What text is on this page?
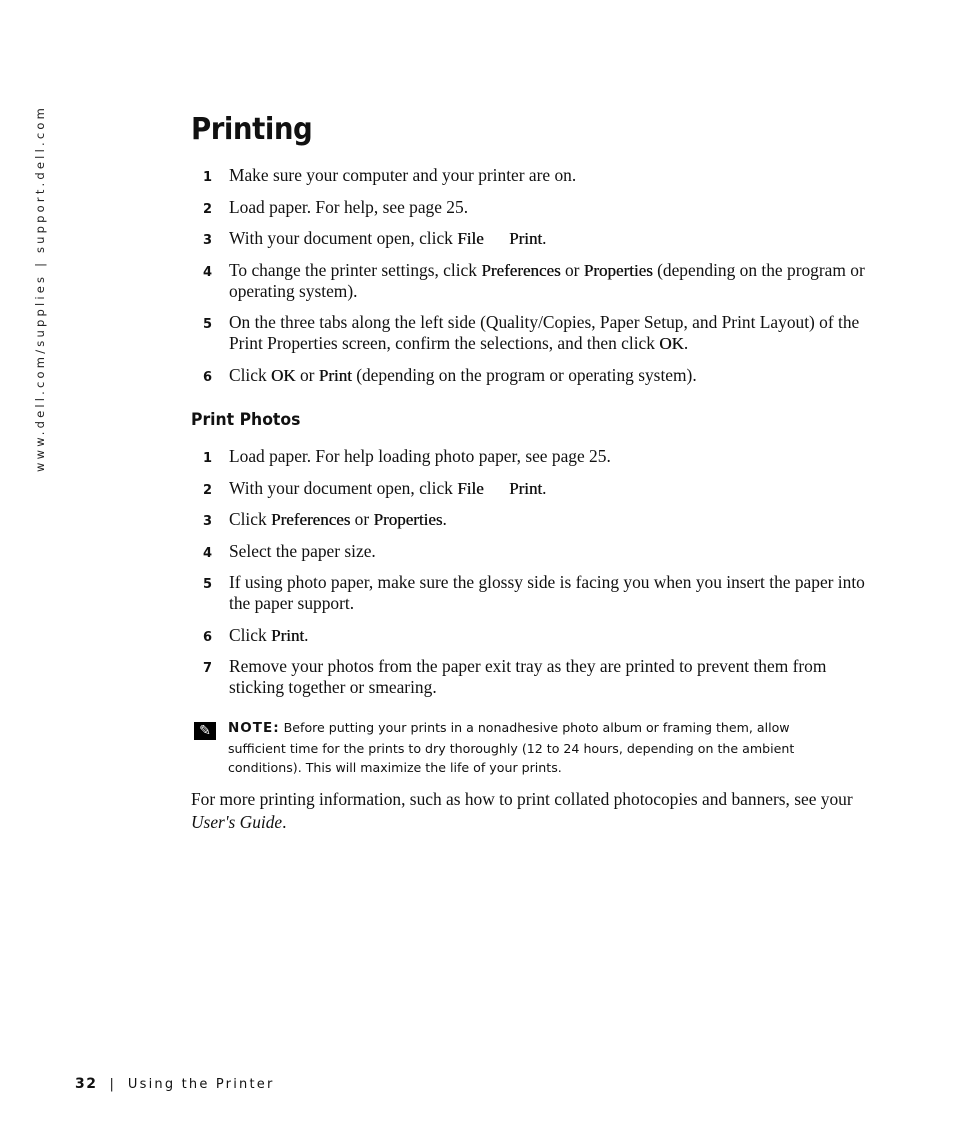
www.dell.com/supplies | support.dell.com	Printing
1 Make sure your computer and your printer are on.
2 Load paper. For help, see page 25.
3 With your document open, click File Print.
4 To change the printer settings, click Preferences or Properties (depending on the program or operating system).
5 On the three tabs along the left side (Quality/Copies, Paper Setup, and Print Layout) of the Print Properties screen, confirm the selections, and then click OK.
6 Click OK or Print (depending on the program or operating system).
Print Photos
1 Load paper. For help loading photo paper, see page 25.
2 With your document open, click File Print.
3 Click Preferences or Properties.
4 Select the paper size.
5 If using photo paper, make sure the glossy side is facing you when you insert the paper into the paper support.
6 Click Print.
7 Remove your photos from the paper exit tray as they are printed to prevent them from sticking together or smearing.
✎	NOTE: Before putting your prints in a nonadhesive photo album or framing them, allow sufficient time for the prints to dry thoroughly (12 to 24 hours, depending on the ambient conditions). This will maximize the life of your prints.

For more printing information, such as how to print collated photocopies and banners, see your User's Guide.

32 | Using the Printer
